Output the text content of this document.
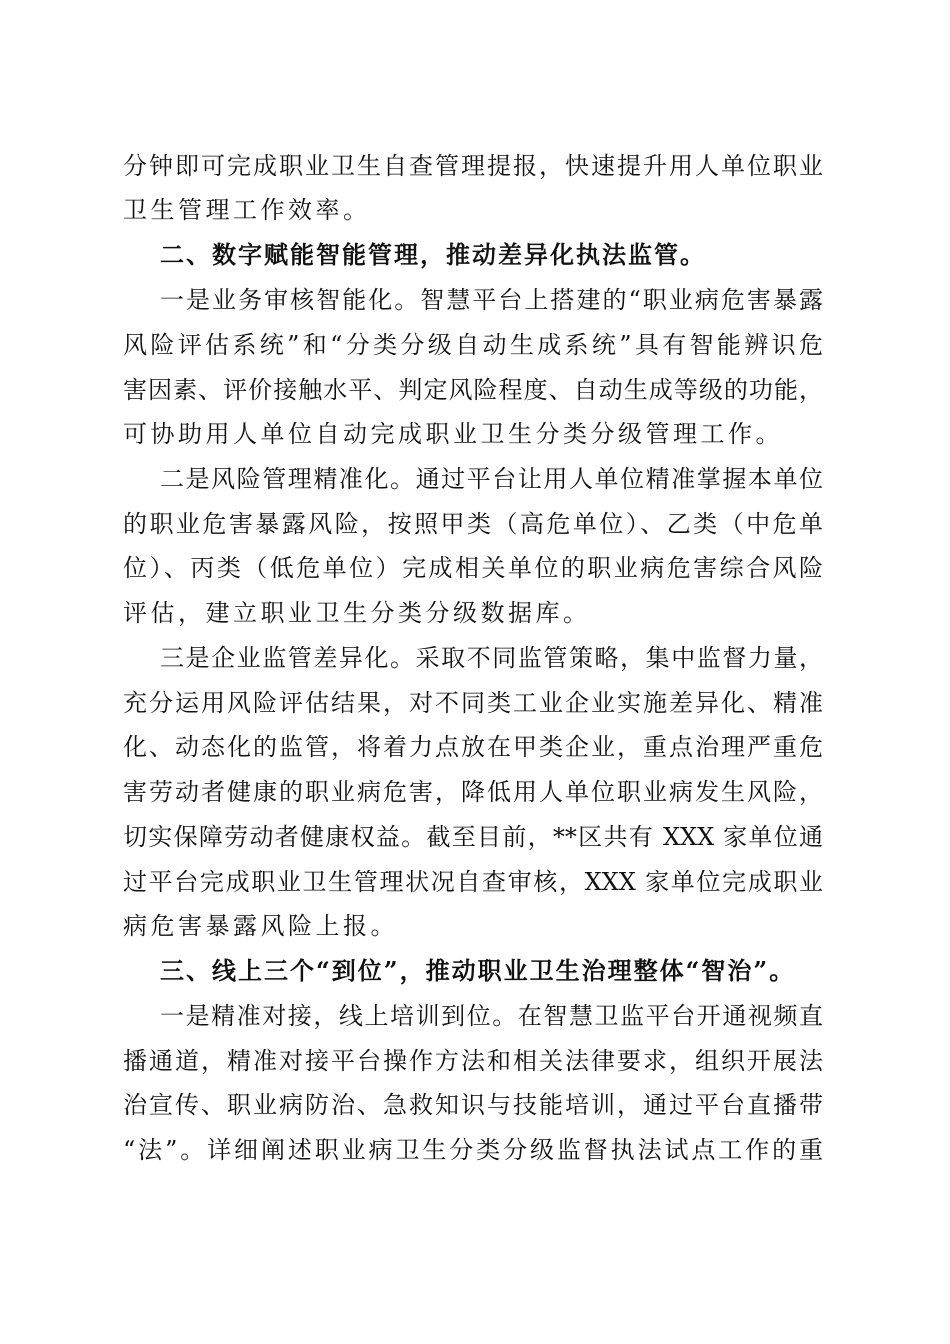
分钟即可完成职业卫生自查管理提报，快速提升用人单位职业
卫生管理工作效率。
二、数字赋能智能管理，推动差异化执法监管。
一是业务审核智能化。智慧平台上搭建的“职业病危害暴露
风险评估系统”和“分类分级自动生成系统”具有智能辨识危
害因素、评价接触水平、判定风险程度、自动生成等级的功能，
可协助用人单位自动完成职业卫生分类分级管理工作。
二是风险管理精准化。通过平台让用人单位精准掌握本单位
的职业危害暴露风险，按照甲类（高危单位）、乙类（中危单
位）、丙类（低危单位）完成相关单位的职业病危害综合风险
评估，建立职业卫生分类分级数据库。
三是企业监管差异化。采取不同监管策略，集中监督力量，
充分运用风险评估结果，对不同类工业企业实施差异化、精准
化、动态化的监管，将着力点放在甲类企业，重点治理严重危
害劳动者健康的职业病危害，降低用人单位职业病发生风险，
切实保障劳动者健康权益。截至目前，**区共有 XXX 家单位通
过平台完成职业卫生管理状况自查审核，XXX 家单位完成职业
病危害暴露风险上报。
三、线上三个“到位”，推动职业卫生治理整体“智治”。
一是精准对接，线上培训到位。在智慧卫监平台开通视频直
播通道，精准对接平台操作方法和相关法律要求，组织开展法
治宣传、职业病防治、急救知识与技能培训，通过平台直播带
“法”。详细阐述职业病卫生分类分级监督执法试点工作的重
